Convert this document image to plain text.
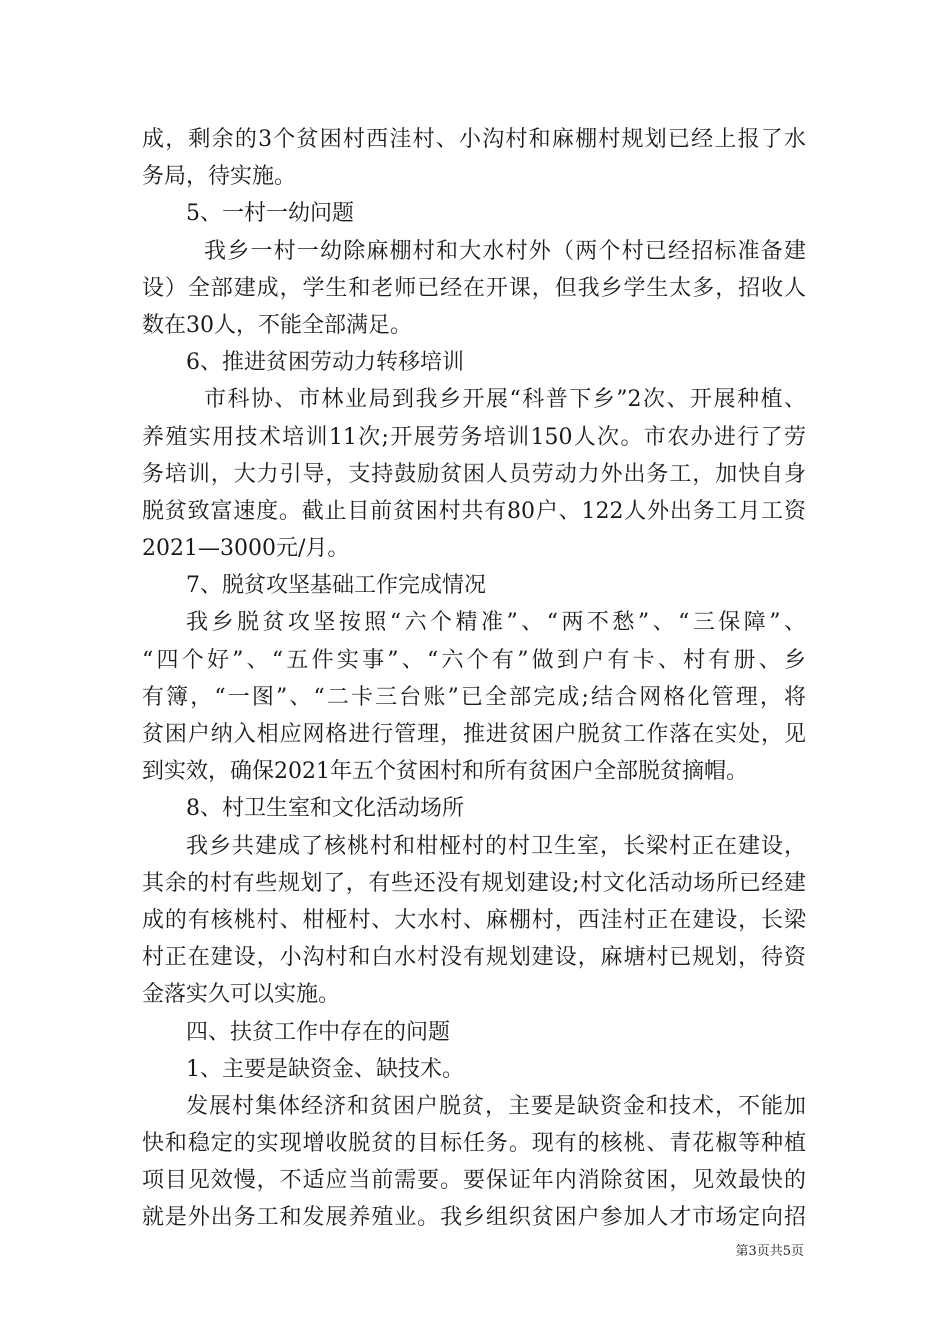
成，剩余的3个贫困村西洼村、小沟村和麻棚村规划已经上报了水
务局，待实施。
5、一村一幼问题
我乡一村一幼除麻棚村和大水村外（两个村已经招标准备建
设）全部建成，学生和老师已经在开课，但我乡学生太多，招收人
数在30人，不能全部满足。
6、推进贫困劳动力转移培训
市科协、市林业局到我乡开展“科普下乡”2次、开展种植、
养殖实用技术培训11次;开展劳务培训150人次。市农办进行了劳
务培训，大力引导，支持鼓励贫困人员劳动力外出务工，加快自身
脱贫致富速度。截止目前贫困村共有80户、122人外出务工月工资
2021—3000元/月。
7、脱贫攻坚基础工作完成情况
我乡脱贫攻坚按照“六个精准”、“两不愁”、“三保障”、
“四个好”、“五件实事”、“六个有”做到户有卡、村有册、乡
有簿，“一图”、“二卡三台账”已全部完成;结合网格化管理，将
贫困户纳入相应网格进行管理，推进贫困户脱贫工作落在实处，见
到实效，确保2021年五个贫困村和所有贫困户全部脱贫摘帽。
8、村卫生室和文化活动场所
我乡共建成了核桃村和柑桠村的村卫生室，长梁村正在建设，
其余的村有些规划了，有些还没有规划建设;村文化活动场所已经建
成的有核桃村、柑桠村、大水村、麻棚村，西洼村正在建设，长梁
村正在建设，小沟村和白水村没有规划建设，麻塘村已规划，待资
金落实久可以实施。
四、扶贫工作中存在的问题
1、主要是缺资金、缺技术。
发展村集体经济和贫困户脱贫，主要是缺资金和技术，不能加
快和稳定的实现增收脱贫的目标任务。现有的核桃、青花椒等种植
项目见效慢，不适应当前需要。要保证年内消除贫困，见效最快的
就是外出务工和发展养殖业。我乡组织贫困户参加人才市场定向招
第3页共5页
